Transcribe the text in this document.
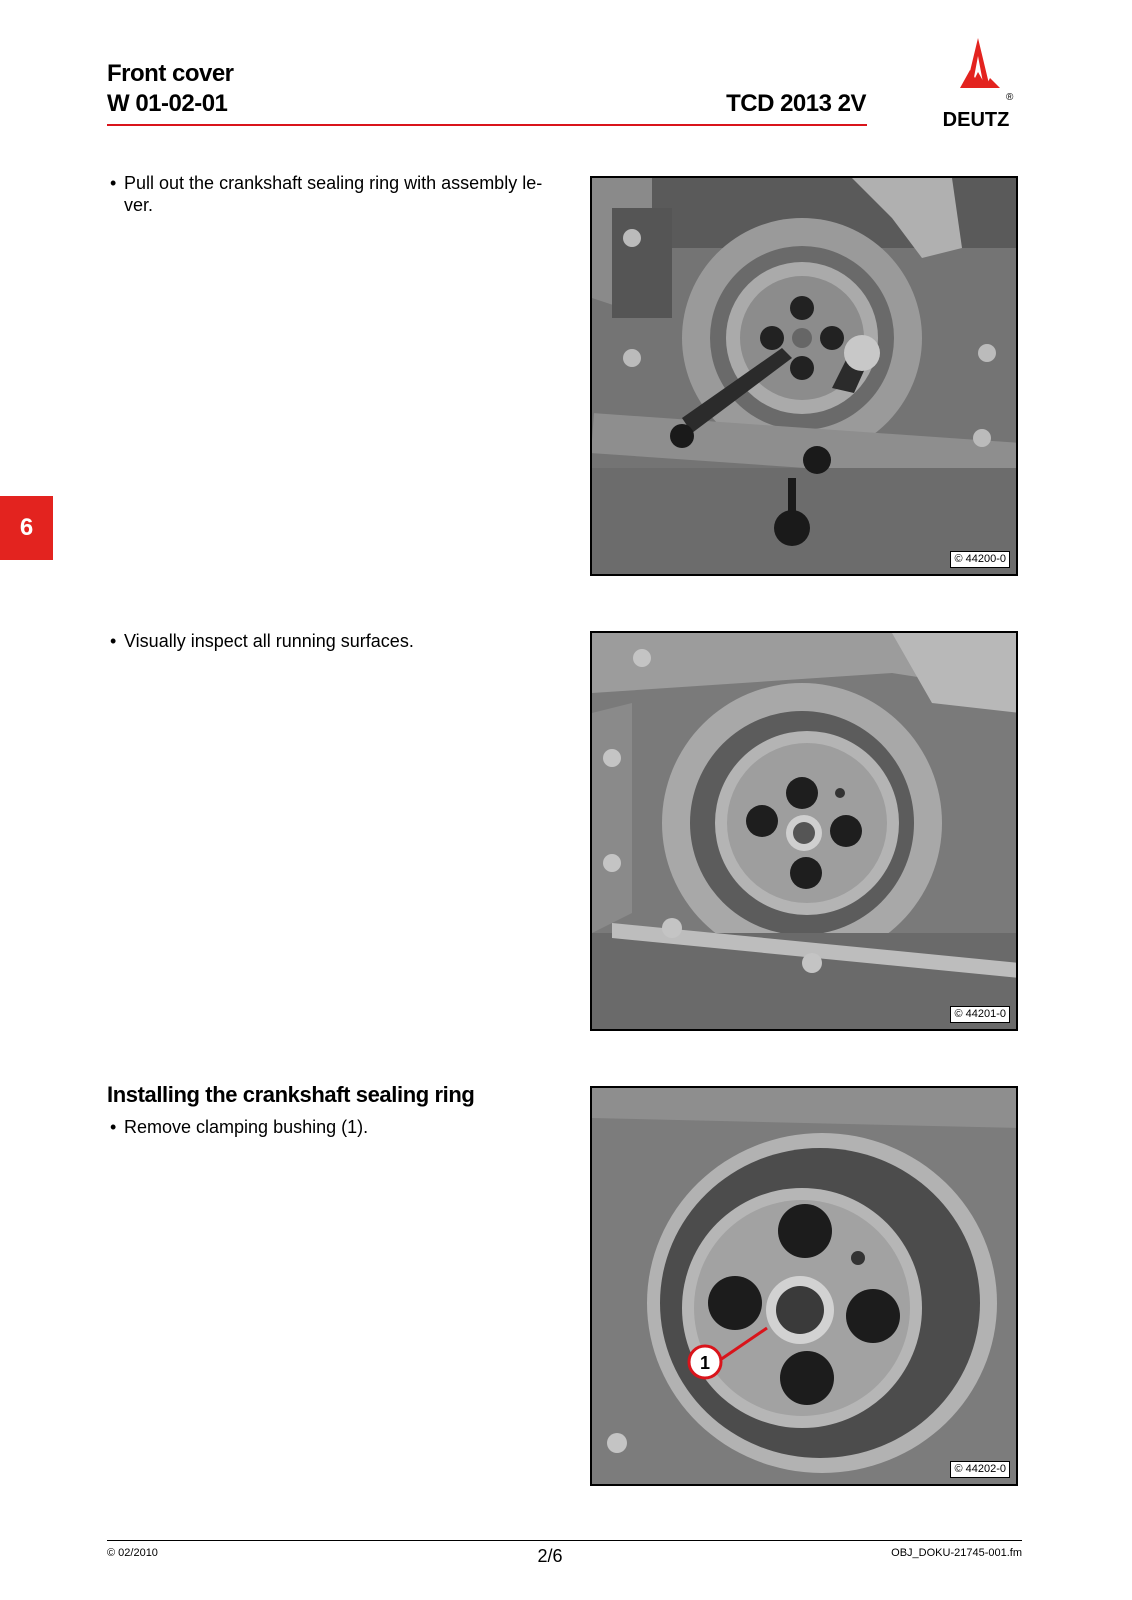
Front cover
W 01-02-01	TCD 2013 2V	®
DEUTZ
6
• Pull out the crankshaft sealing ring with assembly le-
ver.
© 44200-0
• Visually inspect all running surfaces.
© 44201-0
Installing the crankshaft sealing ring
• Remove clamping bushing (1).
1
© 44202-0
© 02/2010	2/6	OBJ_DOKU-21745-001.fm
